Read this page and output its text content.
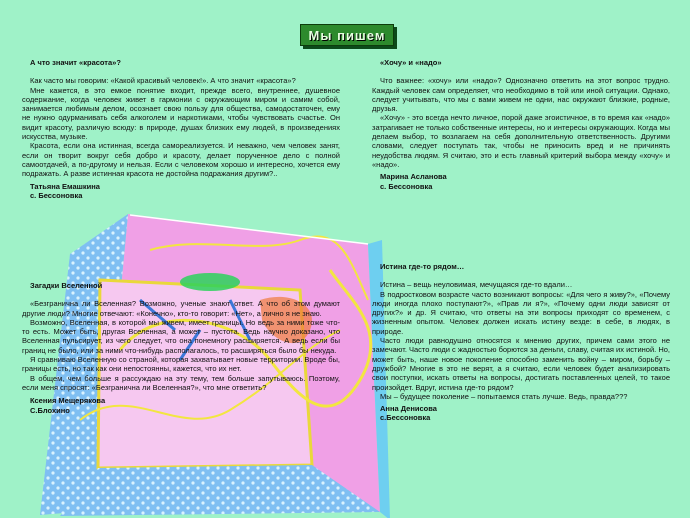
Мы пишем

А что значит «красота»?

Как часто мы говорим: «Какой красивый человек!». А что значит «красота»?

Мне кажется, в это емкое понятие входит, прежде всего, внутреннее, душевное содержание, когда человек живет в гармонии с окружающим миром и самим собой, занимается любимым делом, осознает свою пользу для общества, самодостаточен, ему не нужно одурманивать себя алкоголем и наркотиками, чтобы чувствовать счастье. Он видит красоту, различую всюду: в природе, душах близких ему людей, в произведениях искусства, музыке.

Красота, если она истинная, всегда самореализуется. И неважно, чем человек занят, если он творит вокруг себя добро и красоту, делает порученное дело с полной самоотдачей, а по-другому и нельзя. Если с человеком хорошо и интересно, хочется ему подражать. А разве истинная красота не достойна подражания другим?..

Татьяна Емашкина

с. Бессоновка

Загадки Вселенной

«Безгранична ли Вселенная? Возможно, ученые знают ответ. А что об этом думают другие люди? Многие отвечают: «Конечно», кто-то говорит: «Нет», а лично я не знаю.

Возможно, Вселенная, в которой мы живем, имеет границы. Но ведь за ними тоже что-то есть. Может быть, другая Вселенная, а может – пустота. Ведь научно доказано, что Вселенная пульсирует, из чего следует, что она понемногу расширяется. А ведь если бы границ не было, или за ними что-нибудь располагалось, то расширяться было бы некуда.

Я сравниваю Вселенную со страной, которая захватывает новые территории. Вроде бы, границы есть, но так как они непостоянны, кажется, что их нет.

В общем, чем больше я рассуждаю на эту тему, тем больше запутываюсь. Поэтому, если меня спросят: «Безгранична ли Вселенная?», что мне ответить?

Ксения Мещерякова

С.Блохино

«Хочу» и «надо»

Что важнее: «хочу» или «надо»? Однозначно ответить на этот вопрос трудно. Каждый человек сам определяет, что необходимо в той или иной ситуации. Однако, следует учитывать, что мы с вами живем не одни, нас окружают близкие, родные, друзья.

«Хочу» - это всегда нечто личное, порой даже эгоистичное, в то время как «надо» затрагивает не только собственные интересы, но и интересы окружающих. Когда мы делаем выбор, то возлагаем на себя дополнительную ответственность. Другими словами, следует поступать так, чтобы не приносить вред и не причинять неудобства людям. Я считаю, это и есть главный критерий выбора между «хочу» и «надо».

Марина Асланова

с. Бессоновка

Истина где-то рядом…

Истина – вещь неуловимая, мечущаяся где-то вдали…

В подростковом возрасте часто возникают вопросы: «Для чего я живу?», «Почему люди иногда плохо поступают?», «Прав ли я?», «Почему одни люди зависят от других?» и др. Я считаю, что ответы на эти вопросы приходят со временем, с жизненным опытом. Человек должен искать истину везде: в себе, в людях, в природе.

Часто люди равнодушно относятся к мнению других, причем сами этого не замечают. Часто люди с жадностью борются за деньги, славу, считая их истиной. Но, может быть, наше новое поколение способно заменить войну – миром, борьбу – дружбой? Многие в это не верят, а я считаю, если человек будет анализировать свои поступки, искать ответы на вопросы, достигать поставленных целей, то такое произойдет. Вдруг, истина где-то рядом?

Мы – будущее поколение – попытаемся стать лучше. Ведь, правда???

Анна Денисова

с.Бессоновка
